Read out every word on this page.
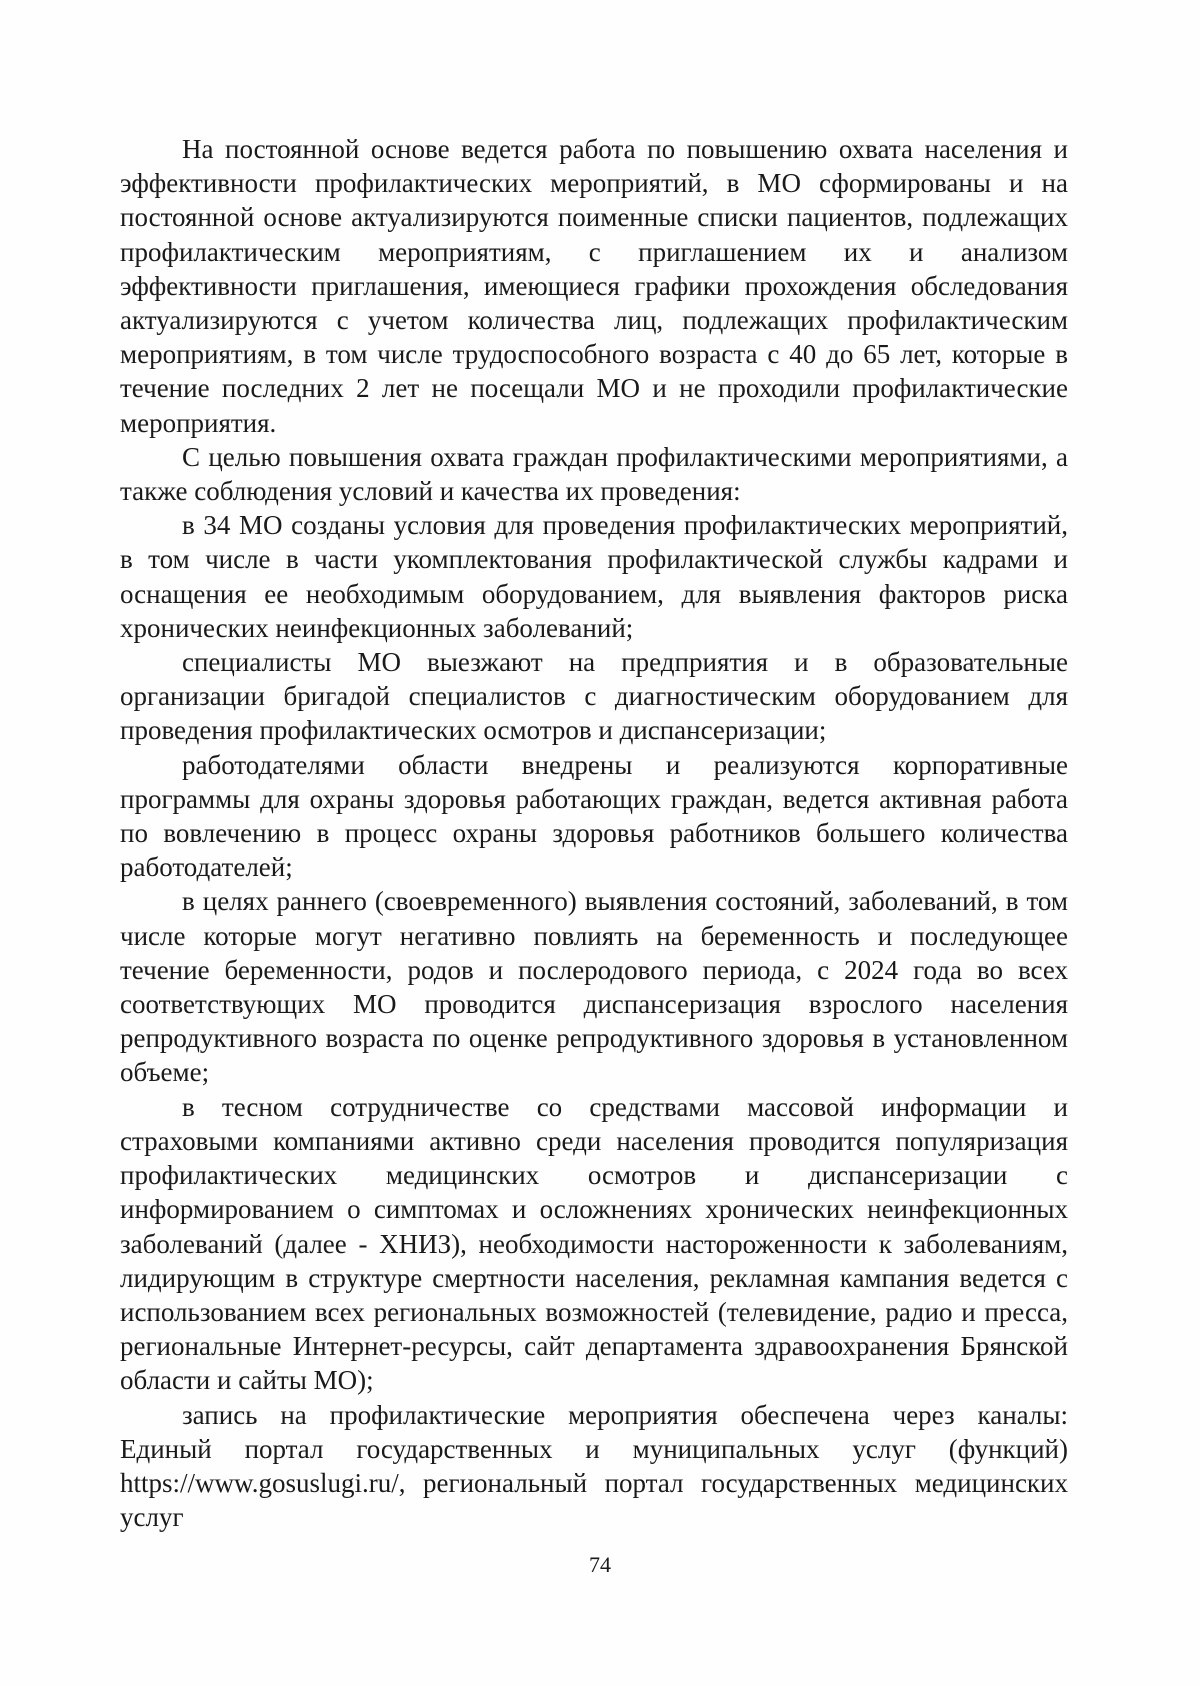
На постоянной основе ведется работа по повышению охвата населения и эффективности профилактических мероприятий, в МО сформированы и на постоянной основе актуализируются поименные списки пациентов, подлежащих профилактическим мероприятиям, с приглашением их и анализом эффективности приглашения, имеющиеся графики прохождения обследования актуализируются с учетом количества лиц, подлежащих профилактическим мероприятиям, в том числе трудоспособного возраста с 40 до 65 лет, которые в течение последних 2 лет не посещали МО и не проходили профилактические мероприятия.

С целью повышения охвата граждан профилактическими мероприятиями, а также соблюдения условий и качества их проведения:

в 34 МО созданы условия для проведения профилактических мероприятий, в том числе в части укомплектования профилактической службы кадрами и оснащения ее необходимым оборудованием, для выявления факторов риска хронических неинфекционных заболеваний;

специалисты МО выезжают на предприятия и в образовательные организации бригадой специалистов с диагностическим оборудованием для проведения профилактических осмотров и диспансеризации;

работодателями области внедрены и реализуются корпоративные программы для охраны здоровья работающих граждан, ведется активная работа по вовлечению в процесс охраны здоровья работников большего количества работодателей;

в целях раннего (своевременного) выявления состояний, заболеваний, в том числе которые могут негативно повлиять на беременность и последующее течение беременности, родов и послеродового периода, с 2024 года во всех соответствующих МО проводится диспансеризация взрослого населения репродуктивного возраста по оценке репродуктивного здоровья в установленном объеме;

в тесном сотрудничестве со средствами массовой информации и страховыми компаниями активно среди населения проводится популяризация профилактических медицинских осмотров и диспансеризации с информированием о симптомах и осложнениях хронических неинфекционных заболеваний (далее - ХНИЗ), необходимости настороженности к заболеваниям, лидирующим в структуре смертности населения, рекламная кампания ведется с использованием всех региональных возможностей (телевидение, радио и пресса, региональные Интернет-ресурсы, сайт департамента здравоохранения Брянской области и сайты МО);

запись на профилактические мероприятия обеспечена через каналы: Единый портал государственных и муниципальных услуг (функций) https://www.gosuslugi.ru/, региональный портал государственных медицинских услуг

74
